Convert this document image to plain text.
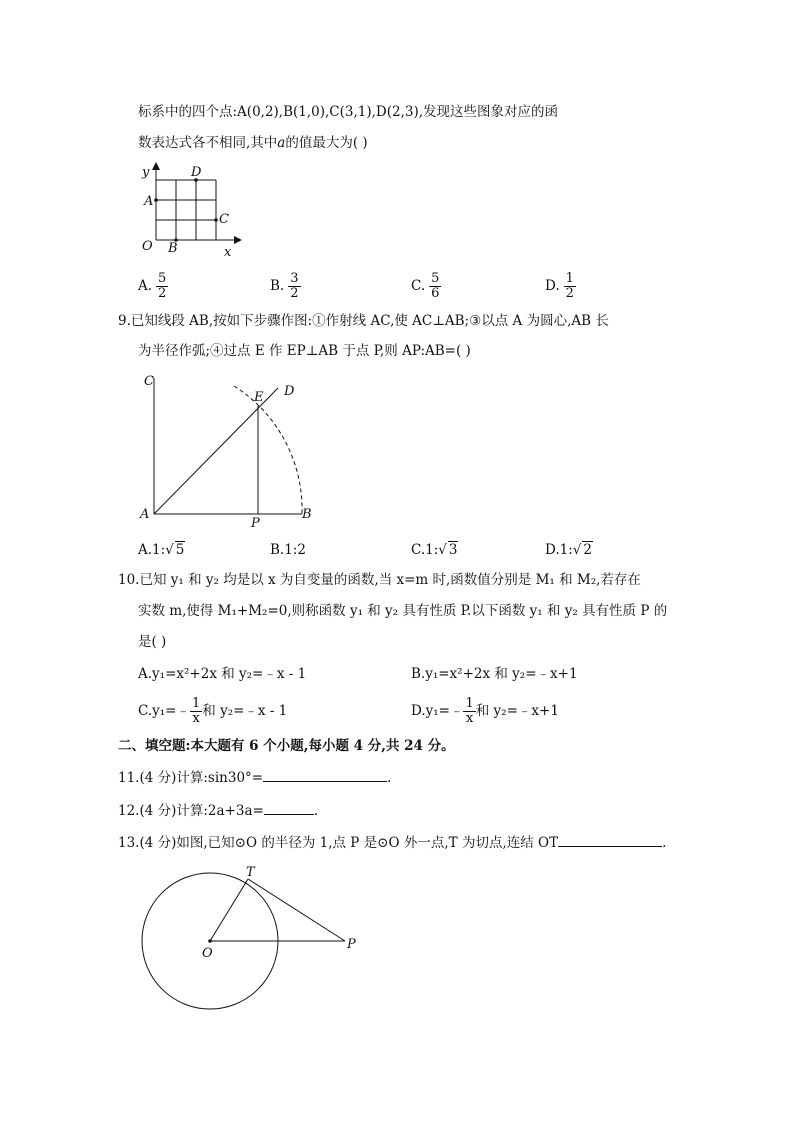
标系中的四个点:A(0,2),B(1,0),C(3,1),D(2,3),发现这些图象对应的函
数表达式各不相同,其中a的值最大为( )
y
x
O
A
B
C
D
A. $\frac{5}{2}$	B. $\frac{3}{2}$	C. $\frac{5}{6}$	D. $\frac{1}{2}$
9.已知线段 AB,按如下步骤作图:①作射线 AC,使 AC⊥AB;③以点 A 为圆心,AB 长
为半径作弧;④过点 E 作 EP⊥AB 于点 P,则 AP:AB=( )
C
A	B
P
E D
A.1:√ 5	B.1:2	C.1:√ 3	D.1:√ 2
10.已知 y₁ 和 y₂ 均是以 x 为自变量的函数,当 x=m 时,函数值分别是 M₁ 和 M₂,若存在
实数 m,使得 M₁+M₂=0,则称函数 y₁ 和 y₂ 具有性质 P.以下函数 y₁ 和 y₂ 具有性质 P 的
是( )
A.y₁=x²+2x 和 y₂=﹣x - 1	B.y₁=x²+2x 和 y₂=﹣x+1
C.y₁=﹣ $\frac{1}{x}$ 和 y₂=﹣x - 1	D.y₁=﹣ $\frac{1}{x}$ 和 y₂=﹣x+1
二、填空题:本大题有 6 个小题,每小题 4 分,共 24 分。
11.(4 分)计算:sin30°=	.
12.(4 分)计算:2a+3a=	.
13.(4 分)如图,已知⊙O 的半径为 1,点 P 是⊙O 外一点,T 为切点,连结 OT	.
O
P
T
